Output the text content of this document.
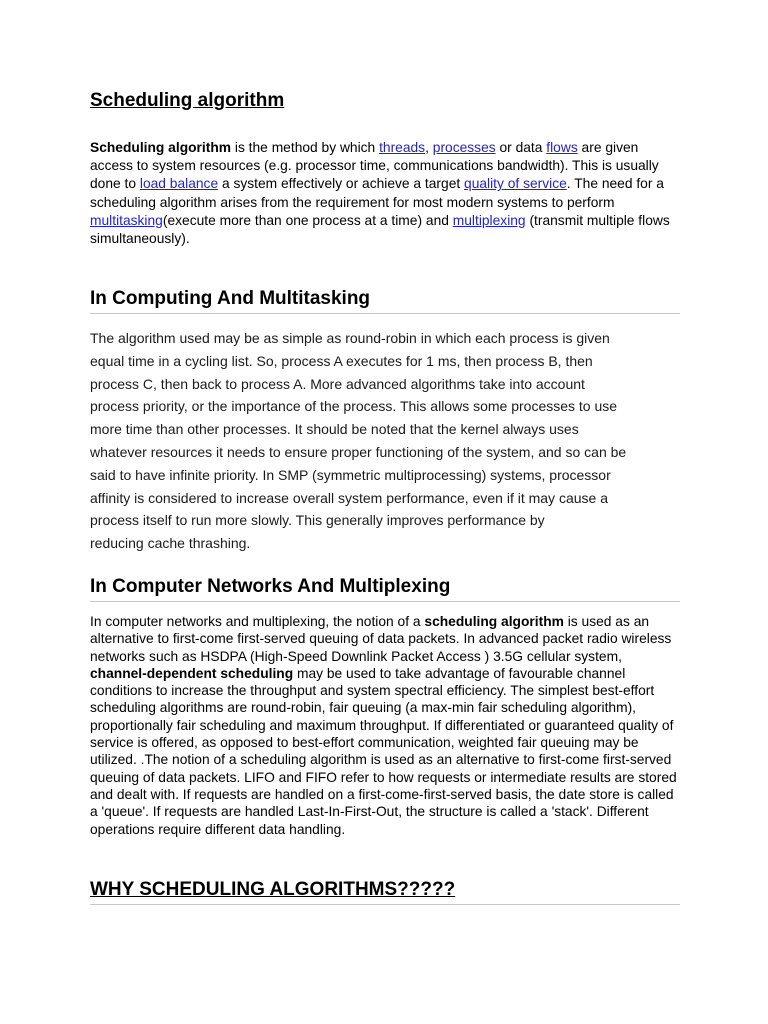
Scheduling algorithm

Scheduling algorithm is the method by which threads, processes or data flows are given access to system resources (e.g. processor time, communications bandwidth). This is usually done to load balance a system effectively or achieve a target quality of service. The need for a scheduling algorithm arises from the requirement for most modern systems to perform multitasking(execute more than one process at a time) and multiplexing (transmit multiple flows simultaneously).

In Computing And Multitasking
The algorithm used may be as simple as round-robin in which each process is given
equal time in a cycling list. So, process A executes for 1 ms, then process B, then
process C, then back to process A. More advanced algorithms take into account
process priority, or the importance of the process. This allows some processes to use
more time than other processes. It should be noted that the kernel always uses
whatever resources it needs to ensure proper functioning of the system, and so can be
said to have infinite priority. In SMP (symmetric multiprocessing) systems, processor
affinity is considered to increase overall system performance, even if it may cause a
process itself to run more slowly. This generally improves performance by
reducing cache thrashing.
In Computer Networks And Multiplexing

In computer networks and multiplexing, the notion of a scheduling algorithm is used as an alternative to first-come first-served queuing of data packets. In advanced packet radio wireless networks such as HSDPA (High-Speed Downlink Packet Access ) 3.5G cellular system, channel-dependent scheduling may be used to take advantage of favourable channel conditions to increase the throughput and system spectral efficiency. The simplest best-effort scheduling algorithms are round-robin, fair queuing (a max-min fair scheduling algorithm), proportionally fair scheduling and maximum throughput. If differentiated or guaranteed quality of service is offered, as opposed to best-effort communication, weighted fair queuing may be utilized. .The notion of a scheduling algorithm is used as an alternative to first-come first-served queuing of data packets. LIFO and FIFO refer to how requests or intermediate results are stored and dealt with. If requests are handled on a first-come-first-served basis, the date store is called a 'queue'. If requests are handled Last-In-First-Out, the structure is called a 'stack'. Different operations require different data handling.

WHY SCHEDULING ALGORITHMS?????
